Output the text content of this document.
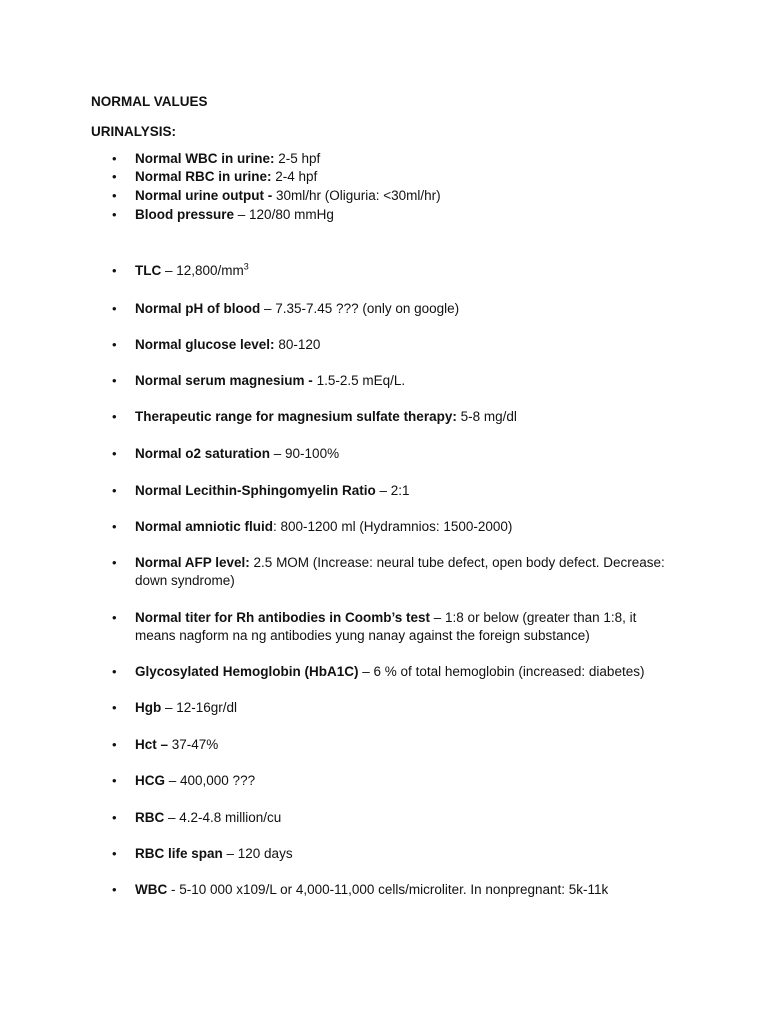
NORMAL VALUES
URINALYSIS:
• Normal WBC in urine: 2-5 hpf
• Normal RBC in urine: 2-4 hpf
• Normal urine output - 30ml/hr (Oliguria: <30ml/hr)
• Blood pressure – 120/80 mmHg
• TLC – $12,800/mm^3$
• Normal pH of blood – 7.35-7.45 ??? (only on google)
• Normal glucose level: 80-120
• Normal serum magnesium - 1.5-2.5 mEq/L.
• Therapeutic range for magnesium sulfate therapy: 5-8 mg/dl
• Normal o2 saturation – 90-100%
• Normal Lecithin-Sphingomyelin Ratio – 2:1
• Normal amniotic fluid: 800-1200 ml (Hydramnios: 1500-2000)
• Normal AFP level: 2.5 MOM (Increase: neural tube defect, open body defect. Decrease: down syndrome)
• Normal titer for Rh antibodies in Coomb’s test – 1:8 or below (greater than 1:8, it means nagform na ng antibodies yung nanay against the foreign substance)
• Glycosylated Hemoglobin (HbA1C) – 6 % of total hemoglobin (increased: diabetes)
• Hgb – 12-16gr/dl
• Hct – 37-47%
• HCG – 400,000 ???
• RBC – 4.2-4.8 million/cu
• RBC life span – 120 days
• WBC - 5-10 000 x109/L or 4,000-11,000 cells/microliter. In nonpregnant: 5k-11k
